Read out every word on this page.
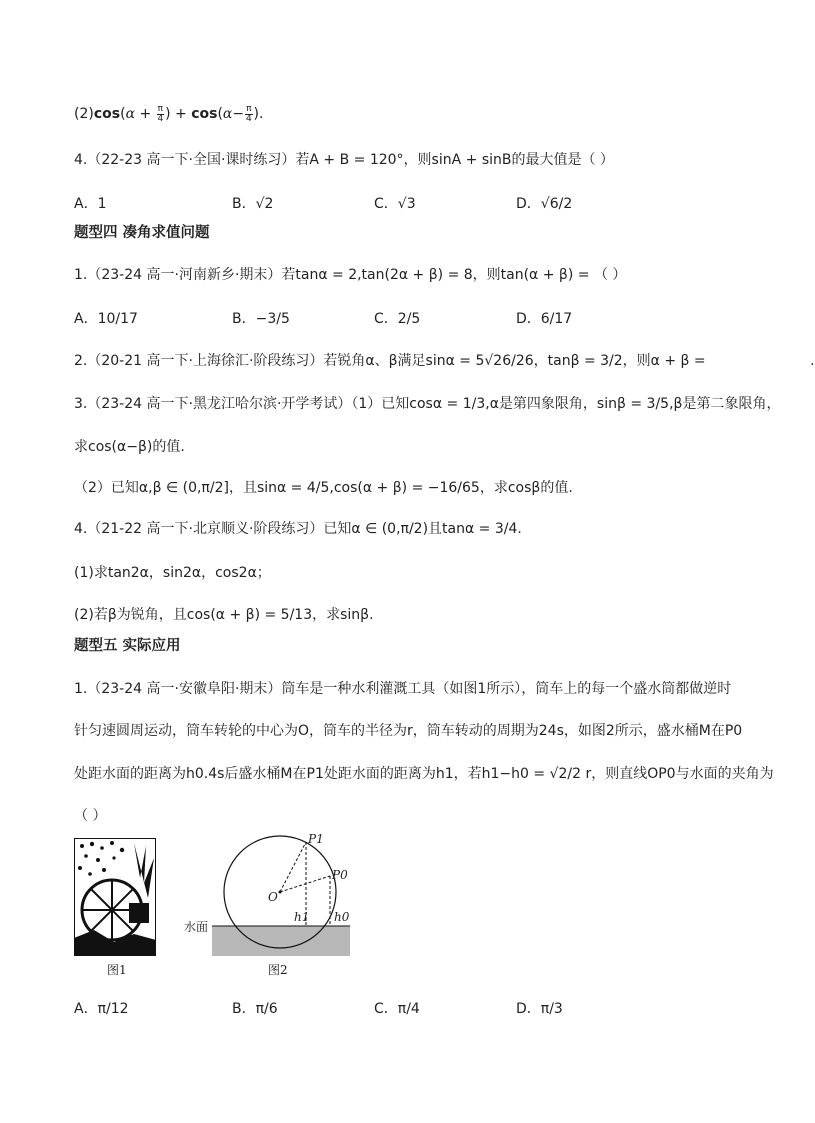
$(2)\cos(\alpha + \frac{\pi}{4}$ ) + $\cos(\alpha- \frac{\pi}{4}$ ).
4.（22-23 高一下·全国·课时练习）若A + B = 120°，则sinA + sinB的最大值是（ ）
A．1	B．√2	C．√3	D．√6/2
题型四 凑角求值问题
1.（23-24 高一·河南新乡·期末）若tanα = 2,tan(2α + β) = 8，则tan(α + β) = （ ）
A．10/17	B．−3/5	C．2/5	D．6/17
2.（20-21 高一下·上海徐汇·阶段练习）若锐角α、β满足sinα = 5√26/26，tanβ = 3/2，则α + β =	.
3.（23-24 高一下·黑龙江哈尔滨·开学考试）（1）已知cosα = 1/3,α是第四象限角，sinβ = 3/5,β是第二象限角，
求cos(α−β)的值.
（2）已知α,β ∈ (0,π/2]，且sinα = 4/5,cos(α + β) = −16/65，求cosβ的值.
4.（21-22 高一下·北京顺义·阶段练习）已知α ∈ (0,π/2)且tanα = 3/4.
(1)求tan2α，sin2α，cos2α；
(2)若β为锐角，且cos(α + β) = 5/13，求sinβ.
题型五 实际应用
1.（23-24 高一·安徽阜阳·期末）筒车是一种水利灌溉工具（如图1所示），筒车上的每一个盛水筒都做逆时
针匀速圆周运动，筒车转轮的中心为O，筒车的半径为r，筒车转动的周期为24s，如图2所示，盛水桶M在P0
处距水面的距离为h0.4s后盛水桶M在P1处距水面的距离为h1，若h1−h0 = √2/2 r，则直线OP0与水面的夹角为
（ ）
图1
O
P1
P0
h1 h0
水面
图2
A．π/12	B．π/6	C．π/4	D．π/3
